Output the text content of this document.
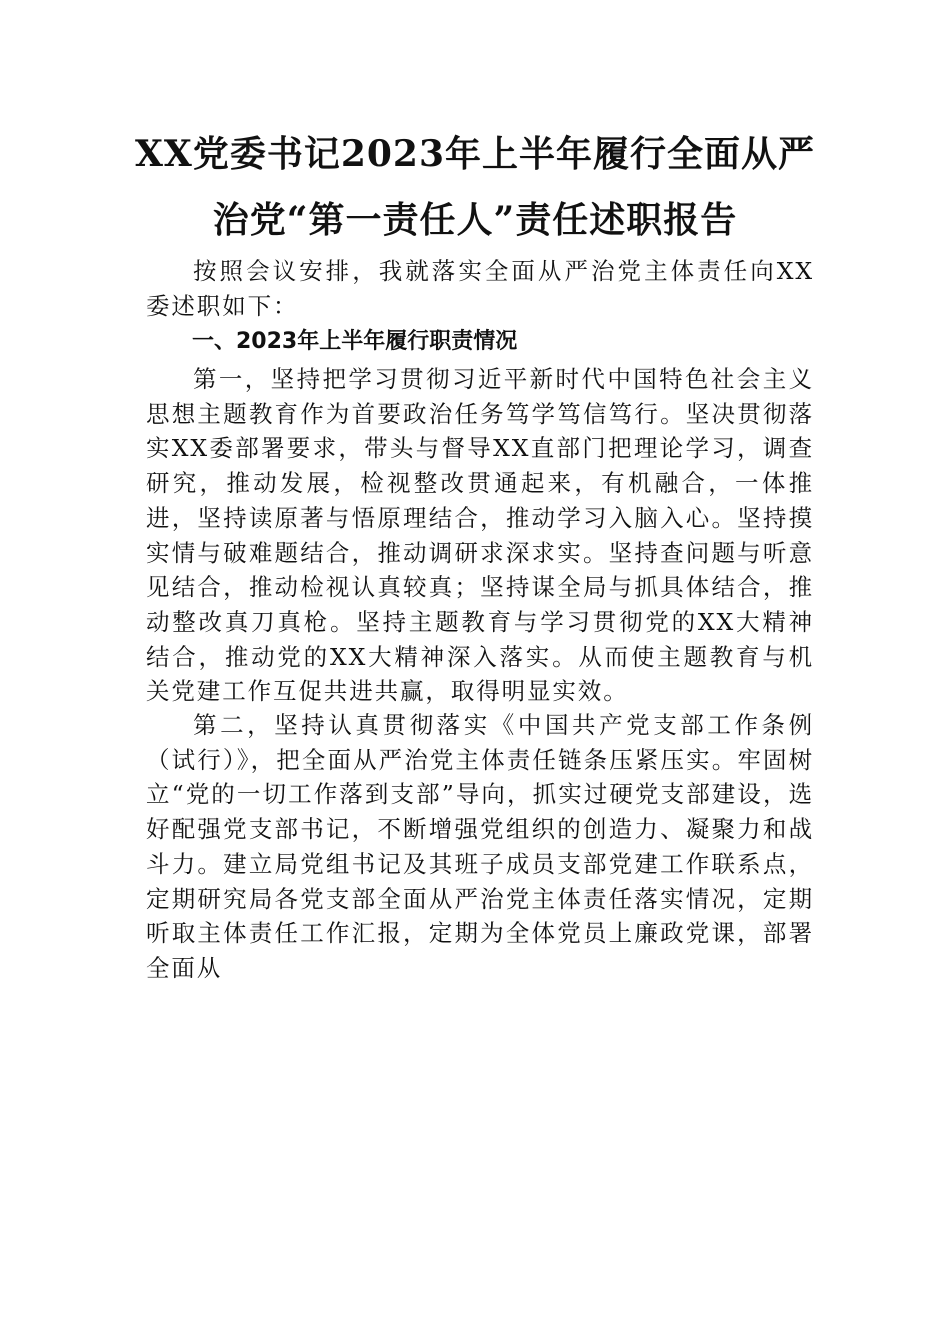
XX党委书记2023年上半年履行全面从严
治党“第一责任人”责任述职报告

按照会议安排，我就落实全面从严治党主体责任向XX委述职如下：

一、2023年上半年履行职责情况

第一，坚持把学习贯彻习近平新时代中国特色社会主义思想主题教育作为首要政治任务笃学笃信笃行。坚决贯彻落实XX委部署要求，带头与督导XX直部门把理论学习，调查研究，推动发展，检视整改贯通起来，有机融合，一体推进，坚持读原著与悟原理结合，推动学习入脑入心。坚持摸实情与破难题结合，推动调研求深求实。坚持查问题与听意见结合，推动检视认真较真；坚持谋全局与抓具体结合，推动整改真刀真枪。坚持主题教育与学习贯彻党的XX大精神结合，推动党的XX大精神深入落实。从而使主题教育与机关党建工作互促共进共赢，取得明显实效。

第二，坚持认真贯彻落实《中国共产党支部工作条例（试行）》，把全面从严治党主体责任链条压紧压实。牢固树立“党的一切工作落到支部”导向，抓实过硬党支部建设，选好配强党支部书记，不断增强党组织的创造力、凝聚力和战斗力。建立局党组书记及其班子成员支部党建工作联系点，定期研究局各党支部全面从严治党主体责任落实情况，定期听取主体责任工作汇报，定期为全体党员上廉政党课，部署全面从
